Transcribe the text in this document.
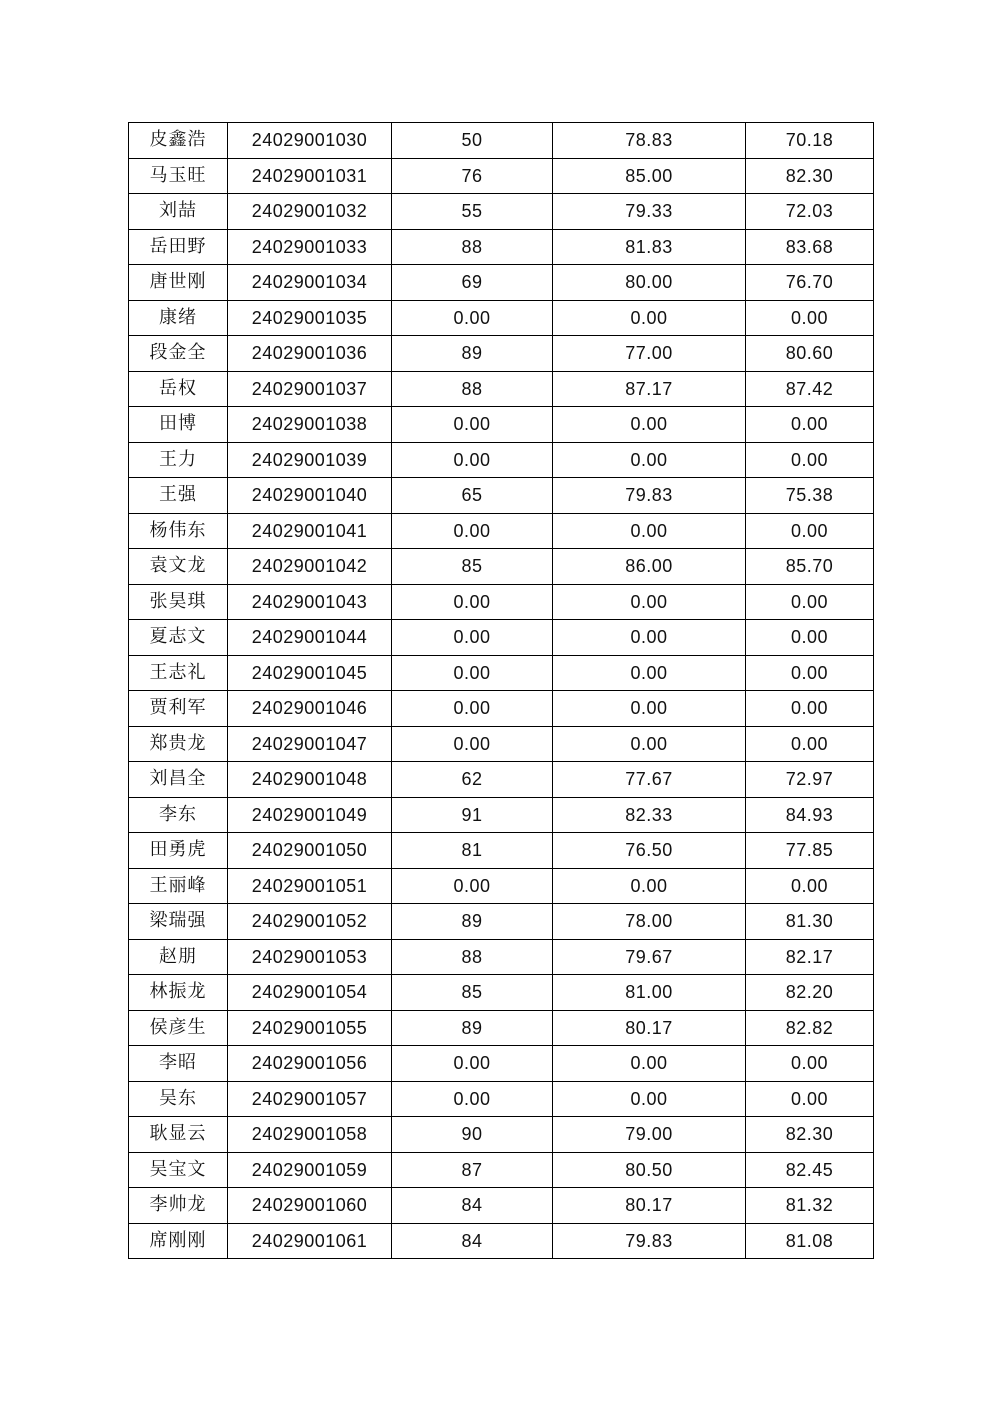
皮鑫浩	24029001030	50	78.83	70.18
马玉旺	24029001031	76	85.00	82.30
刘喆	24029001032	55	79.33	72.03
岳田野	24029001033	88	81.83	83.68
唐世刚	24029001034	69	80.00	76.70
康绪	24029001035	0.00	0.00	0.00
段金全	24029001036	89	77.00	80.60
岳权	24029001037	88	87.17	87.42
田博	24029001038	0.00	0.00	0.00
王力	24029001039	0.00	0.00	0.00
王强	24029001040	65	79.83	75.38
杨伟东	24029001041	0.00	0.00	0.00
袁文龙	24029001042	85	86.00	85.70
张昊琪	24029001043	0.00	0.00	0.00
夏志文	24029001044	0.00	0.00	0.00
王志礼	24029001045	0.00	0.00	0.00
贾利军	24029001046	0.00	0.00	0.00
郑贵龙	24029001047	0.00	0.00	0.00
刘昌全	24029001048	62	77.67	72.97
李东	24029001049	91	82.33	84.93
田勇虎	24029001050	81	76.50	77.85
王丽峰	24029001051	0.00	0.00	0.00
梁瑞强	24029001052	89	78.00	81.30
赵朋	24029001053	88	79.67	82.17
林振龙	24029001054	85	81.00	82.20
侯彦生	24029001055	89	80.17	82.82
李昭	24029001056	0.00	0.00	0.00
吴东	24029001057	0.00	0.00	0.00
耿显云	24029001058	90	79.00	82.30
吴宝文	24029001059	87	80.50	82.45
李帅龙	24029001060	84	80.17	81.32
席刚刚	24029001061	84	79.83	81.08
